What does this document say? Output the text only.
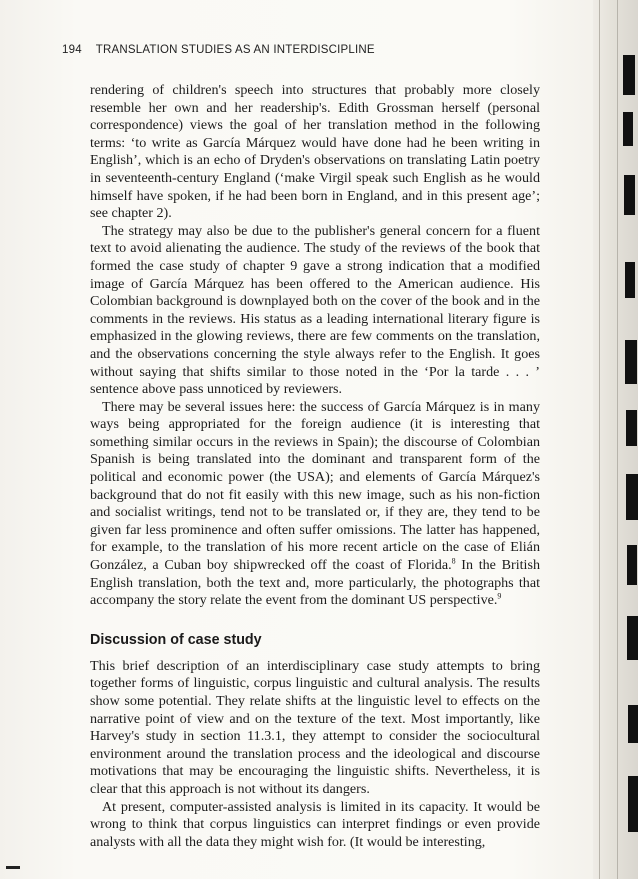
194 TRANSLATION STUDIES AS AN INTERDISCIPLINE

rendering of children's speech into structures that probably more closely resemble her own and her readership's. Edith Grossman herself (personal correspondence) views the goal of her translation method in the following terms: ‘to write as García Márquez would have done had he been writing in English’, which is an echo of Dryden's observations on translating Latin poetry in seventeenth-century England (‘make Virgil speak such English as he would himself have spoken, if he had been born in England, and in this present age’; see chapter 2).

The strategy may also be due to the publisher's general concern for a fluent text to avoid alienating the audience. The study of the reviews of the book that formed the case study of chapter 9 gave a strong indication that a modified image of García Márquez has been offered to the American audience. His Colombian background is downplayed both on the cover of the book and in the comments in the reviews. His status as a leading international literary figure is emphasized in the glowing reviews, there are few comments on the translation, and the observations concerning the style always refer to the English. It goes without saying that shifts similar to those noted in the ‘Por la tarde . . . ’ sentence above pass unnoticed by reviewers.

There may be several issues here: the success of García Márquez is in many ways being appropriated for the foreign audience (it is interesting that something similar occurs in the reviews in Spain); the discourse of Colombian Spanish is being translated into the dominant and transparent form of the political and economic power (the USA); and elements of García Márquez's background that do not fit easily with this new image, such as his non-fiction and socialist writings, tend not to be translated or, if they are, they tend to be given far less prominence and often suffer omissions. The latter has happened, for example, to the translation of his more recent article on the case of Elián González, a Cuban boy shipwrecked off the coast of Florida.$^8$ In the British English translation, both the text and, more particularly, the photographs that accompany the story relate the event from the dominant US perspective.$^9$

Discussion of case study

This brief description of an interdisciplinary case study attempts to bring together forms of linguistic, corpus linguistic and cultural analysis. The results show some potential. They relate shifts at the linguistic level to effects on the narrative point of view and on the texture of the text. Most importantly, like Harvey's study in section 11.3.1, they attempt to consider the sociocultural environment around the translation process and the ideological and discourse motivations that may be encouraging the linguistic shifts. Nevertheless, it is clear that this approach is not without its dangers.

At present, computer-assisted analysis is limited in its capacity. It would be wrong to think that corpus linguistics can interpret findings or even provide analysts with all the data they might wish for. (It would be interesting,
